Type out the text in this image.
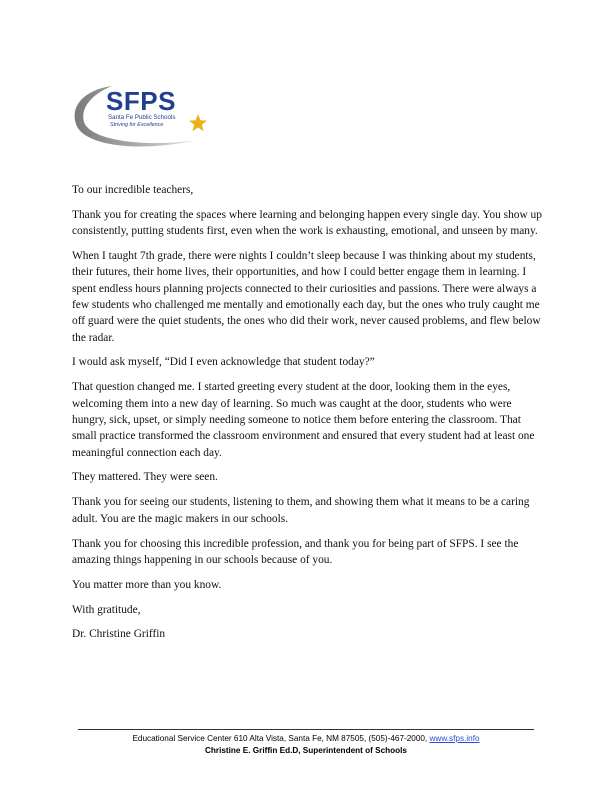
SFPS
Santa Fe Public Schools
Striving for Excellence

To our incredible teachers,

Thank you for creating the spaces where learning and belonging happen every single day. You show up consistently, putting students first, even when the work is exhausting, emotional, and unseen by many.

When I taught 7th grade, there were nights I couldn’t sleep because I was thinking about my students, their futures, their home lives, their opportunities, and how I could better engage them in learning. I spent endless hours planning projects connected to their curiosities and passions. There were always a few students who challenged me mentally and emotionally each day, but the ones who truly caught me off guard were the quiet students, the ones who did their work, never caused problems, and flew below the radar.

I would ask myself, “Did I even acknowledge that student today?”

That question changed me. I started greeting every student at the door, looking them in the eyes, welcoming them into a new day of learning. So much was caught at the door, students who were hungry, sick, upset, or simply needing someone to notice them before entering the classroom. That small practice transformed the classroom environment and ensured that every student had at least one meaningful connection each day.

They mattered. They were seen.

Thank you for seeing our students, listening to them, and showing them what it means to be a caring adult. You are the magic makers in our schools.

Thank you for choosing this incredible profession, and thank you for being part of SFPS. I see the amazing things happening in our schools because of you.

You matter more than you know.

With gratitude,

Dr. Christine Griffin

Educational Service Center 610 Alta Vista, Santa Fe, NM 87505, (505)-467-2000, www.sfps.info
Christine E. Griffin Ed.D, Superintendent of Schools
